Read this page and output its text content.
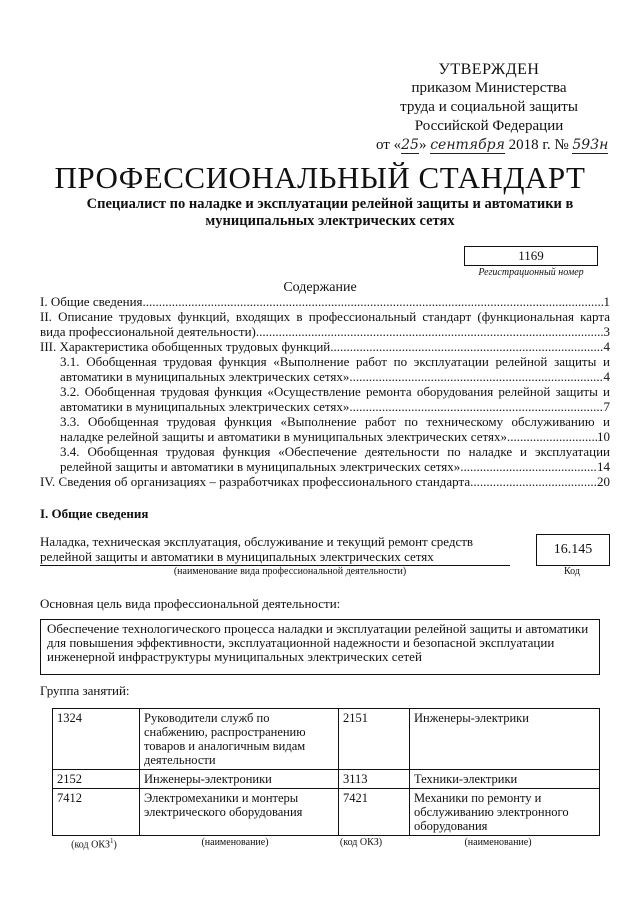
УТВЕРЖДЕН
приказом Министерства
труда и социальной защиты
Российской Федерации
от «25» сентября 2018 г. № 593н
ПРОФЕССИОНАЛЬНЫЙ СТАНДАРТ
Специалист по наладке и эксплуатации релейной защиты и автоматики в муниципальных электрических сетях
1169
Регистрационный номер
Содержание
I. Общие сведения .....	1
II. Описание трудовых функций, входящих в профессиональный стандарт (функциональная карта
вида профессиональной деятельности) .....	3
III. Характеристика обобщенных трудовых функций .....	4
3.1. Обобщенная трудовая функция «Выполнение работ по эксплуатации релейной защиты и
автоматики в муниципальных электрических сетях» .....	4
3.2. Обобщенная трудовая функция «Осуществление ремонта оборудования релейной защиты и
автоматики в муниципальных электрических сетях» .....	7
3.3. Обобщенная трудовая функция «Выполнение работ по техническому обслуживанию и
наладке релейной защиты и автоматики в муниципальных электрических сетях» .....	10
3.4. Обобщенная трудовая функция «Обеспечение деятельности по наладке и эксплуатации
релейной защиты и автоматики в муниципальных электрических сетях» .....	14
IV. Сведения об организациях – разработчиках профессионального стандарта .....	20
I. Общие сведения
Наладка, техническая эксплуатация, обслуживание и текущий ремонт средств
релейной защиты и автоматики в муниципальных электрических сетях	16.145
(наименование вида профессиональной деятельности)	Код
Основная цель вида профессиональной деятельности:
Обеспечение технологического процесса наладки и эксплуатации релейной защиты и автоматики для повышения эффективности, эксплуатационной надежности и безопасной эксплуатации инженерной инфраструктуры муниципальных электрических сетей
Группа занятий:
1324	Руководители служб по снабжению, распространению товаров и аналогичным видам деятельности	2151	Инженеры-электрики
2152	Инженеры-электроники	3113	Техники-электрики
7412	Электромеханики и монтеры электрического оборудования	7421	Механики по ремонту и обслуживанию электронного оборудования
(код ОКЗ$^1$)	(наименование)	(код ОКЗ)	(наименование)
